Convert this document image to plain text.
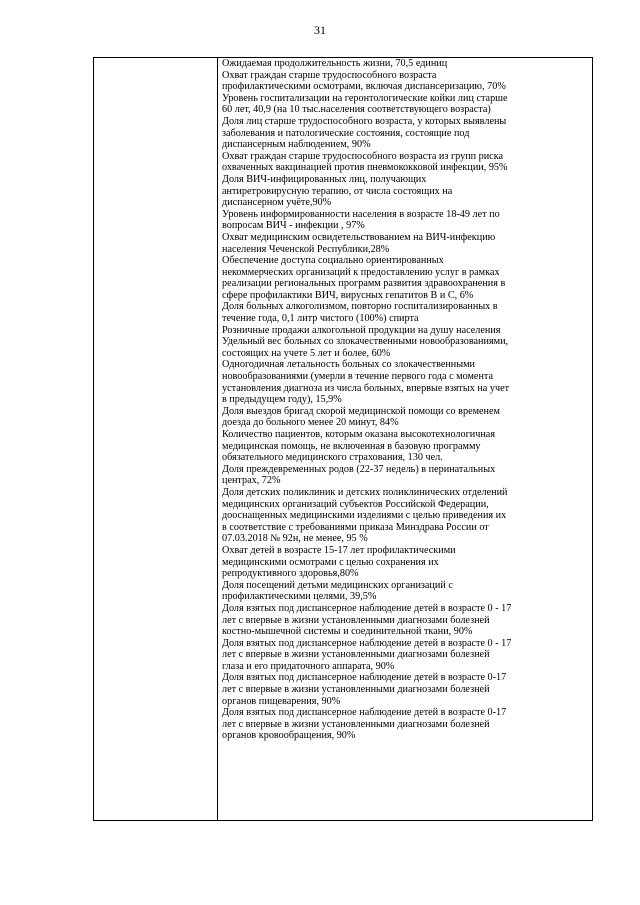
31

Ожидаемая продолжительность жизни, 70,5 единиц

Охват граждан старше трудоспособного возраста
профилактическими осмотрами, включая диспансеризацию, 70%

Уровень госпитализации на геронтологические койки лиц старше
60 лет, 40,9 (на 10 тыс.населения соответствующего возраста)

Доля лиц старше трудоспособного возраста, у которых выявлены
заболевания и патологические состояния, состоящие под
диспансерным наблюдением, 90%

Охват граждан старше трудоспособного возраста из групп риска
охваченных вакцинацией против пневмококковой инфекции, 95%

Доля ВИЧ-инфицированных лиц, получающих
антиретровирусную терапию, от числа состоящих на
диспансерном учёте,90%

Уровень информированности населения в возрасте 18-49 лет по
вопросам ВИЧ - инфекции , 97%

Охват медицинским освидетельствованием на ВИЧ-инфекцию
населения Чеченской Республики,28%

Обеспечение доступа социально ориентированных
некоммерческих организаций к предоставлению услуг в рамках
реализации региональных программ развития здравоохранения в
сфере профилактики ВИЧ, вирусных гепатитов В и С, 6%

Доля больных алкоголизмом, повторно госпитализированных в
течение года, 0,1 литр чистого (100%) спирта

Розничные продажи алкогольной продукции на душу населения

Удельный вес больных со злокачественными новообразованиями,
состоящих на учете 5 лет и более, 60%

Одногодичная летальность больных со злокачественными
новообразованиями (умерли в течение первого года с момента
установления диагноза из числа больных, впервые взятых на учет
в предыдущем году), 15,9%

Доля выездов бригад скорой медицинской помощи со временем
доезда до больного менее 20 минут, 84%

Количество пациентов, которым оказана высокотехнологичная
медицинская помощь, не включенная в базовую программу
обязательного медицинского страхования, 130 чел.

Доля преждевременных родов (22-37 недель) в перинатальных
центрах, 72%

Доля детских поликлиник и детских поликлинических отделений
медицинских организаций субъектов Российской Федерации,
дооснащенных медицинскими изделиями с целью приведения их
в соответствие с требованиями приказа Минздрава России от
07.03.2018 № 92н, не менее, 95 %

Охват детей в возрасте 15-17 лет профилактическими
медицинскими осмотрами с целью сохранения их
репродуктивного здоровья,80%

Доля посещений детьми медицинских организаций с
профилактическими целями, 39,5%

Доля взятых под диспансерное наблюдение детей в возрасте 0 - 17
лет с впервые в жизни установленными диагнозами болезней
костно-мышечной системы и соединительной ткани, 90%

Доля взятых под диспансерное наблюдение детей в возрасте 0 - 17
лет с впервые в жизни установленными диагнозами болезней
глаза и его придаточного аппарата, 90%

Доля взятых под диспансерное наблюдение детей в возрасте 0-17
лет с впервые в жизни установленными диагнозами болезней
органов пищеварения, 90%

Доля взятых под диспансерное наблюдение детей в возрасте 0-17
лет с впервые в жизни установленными диагнозами болезней
органов кровообращения, 90%
